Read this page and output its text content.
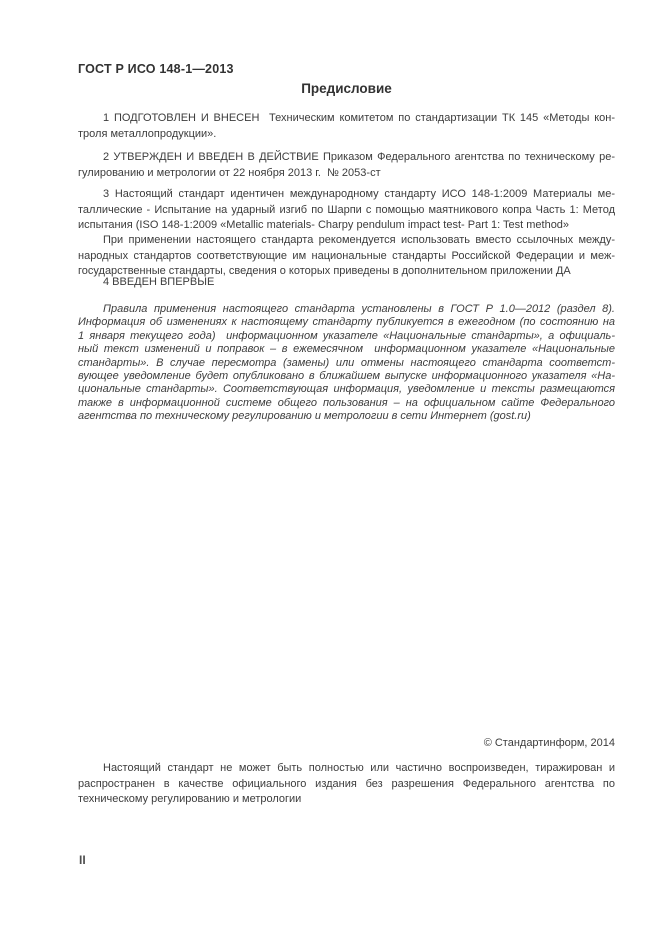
ГОСТ Р ИСО 148-1—2013
Предисловие
1 ПОДГОТОВЛЕН И ВНЕСЕН  Техническим комитетом по стандартизации ТК 145 «Методы кон-
троля металлопродукции».
2 УТВЕРЖДЕН И ВВЕДЕН В ДЕЙСТВИЕ Приказом Федерального агентства по техническому ре-
гулированию и метрологии от 22 ноября 2013 г.  № 2053-ст
3 Настоящий стандарт идентичен международному стандарту ИСО 148-1:2009 Материалы ме-
таллические - Испытание на ударный изгиб по Шарпи с помощью маятникового копра Часть 1: Метод
испытания (ISO 148-1:2009 «Metallic materials- Charpy pendulum impact test- Part 1: Test method»
При применении настоящего стандарта рекомендуется использовать вместо ссылочных между-
народных стандартов соответствующие им национальные стандарты Российской Федерации и меж-
государственные стандарты, сведения о которых приведены в дополнительном приложении ДА
4 ВВЕДЕН ВПЕРВЫЕ
Правила применения настоящего стандарта установлены в ГОСТ Р 1.0—2012 (раздел 8).
Информация об изменениях к настоящему стандарту публикуется в ежегодном (по состоянию на
1 января текущего года)  информационном указателе «Национальные стандарты», а официаль-
ный текст изменений и поправок – в ежемесячном  информационном указателе «Национальные
стандарты». В случае пересмотра (замены) или отмены настоящего стандарта соответст-
вующее уведомление будет опубликовано в ближайшем выпуске информационного указателя «На-
циональные стандарты». Соответствующая информация, уведомление и тексты размещаются
также в информационной системе общего пользования – на официальном сайте Федерального
агентства по техническому регулированию и метрологии в сети Интернет (gost.ru)
© Стандартинформ, 2014
Настоящий стандарт не может быть полностью или частично воспроизведен, тиражирован и
распространен в качестве официального издания без разрешения Федерального агентства по
техническому регулированию и метрологии
II
